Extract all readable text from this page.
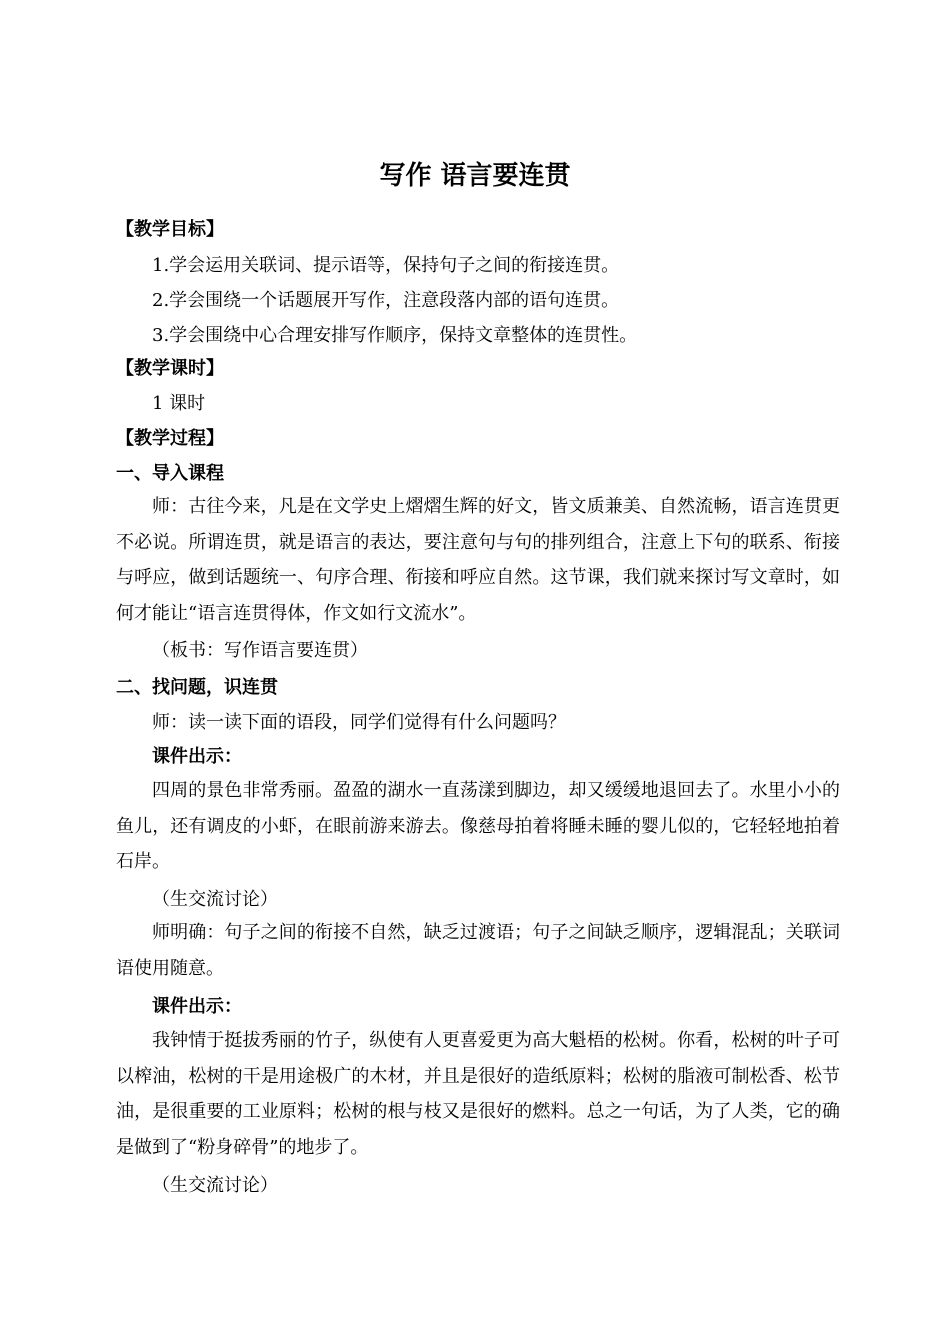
写作 语言要连贯
【教学目标】
1.学会运用关联词、提示语等，保持句子之间的衔接连贯。
2.学会围绕一个话题展开写作，注意段落内部的语句连贯。
3.学会围绕中心合理安排写作顺序，保持文章整体的连贯性。
【教学课时】
1 课时
【教学过程】
一、导入课程
师：古往今来，凡是在文学史上熠熠生辉的好文，皆文质兼美、自然流畅，语言连贯更不必说。所谓连贯，就是语言的表达，要注意句与句的排列组合，注意上下句的联系、衔接与呼应，做到话题统一、句序合理、衔接和呼应自然。这节课，我们就来探讨写文章时，如何才能让“语言连贯得体，作文如行文流水”。
（板书：写作语言要连贯）
二、找问题，识连贯
师：读一读下面的语段，同学们觉得有什么问题吗？
课件出示：
四周的景色非常秀丽。盈盈的湖水一直荡漾到脚边，却又缓缓地退回去了。水里小小的鱼儿，还有调皮的小虾，在眼前游来游去。像慈母拍着将睡未睡的婴儿似的，它轻轻地拍着石岸。
（生交流讨论）
师明确：句子之间的衔接不自然，缺乏过渡语；句子之间缺乏顺序，逻辑混乱；关联词语使用随意。
课件出示：
我钟情于挺拔秀丽的竹子，纵使有人更喜爱更为高大魁梧的松树。你看，松树的叶子可以榨油，松树的干是用途极广的木材，并且是很好的造纸原料；松树的脂液可制松香、松节油，是很重要的工业原料；松树的根与枝又是很好的燃料。总之一句话，为了人类，它的确是做到了“粉身碎骨”的地步了。
（生交流讨论）
